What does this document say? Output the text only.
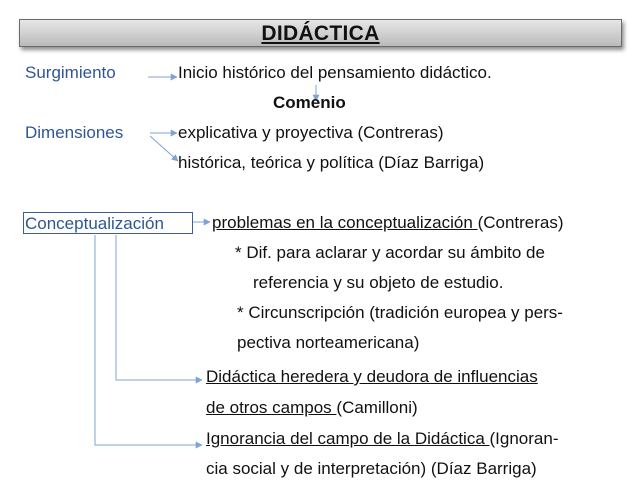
DIDÁCTICA
Surgimiento	Inicio histórico del pensamiento didáctico.
Comenio
Dimensiones	explicativa y proyectiva (Contreras)
histórica, teórica y política (Díaz Barriga)
Conceptualización	problemas en la conceptualización (Contreras)
* Dif. para aclarar y acordar su ámbito de
referencia y su objeto de estudio.
* Circunscripción (tradición europea y pers-
pectiva norteamericana)
Didáctica heredera y deudora de influencias
de otros campos (Camilloni)
Ignorancia del campo de la Didáctica (Ignoran-
cia social y de interpretación) (Díaz Barriga)
